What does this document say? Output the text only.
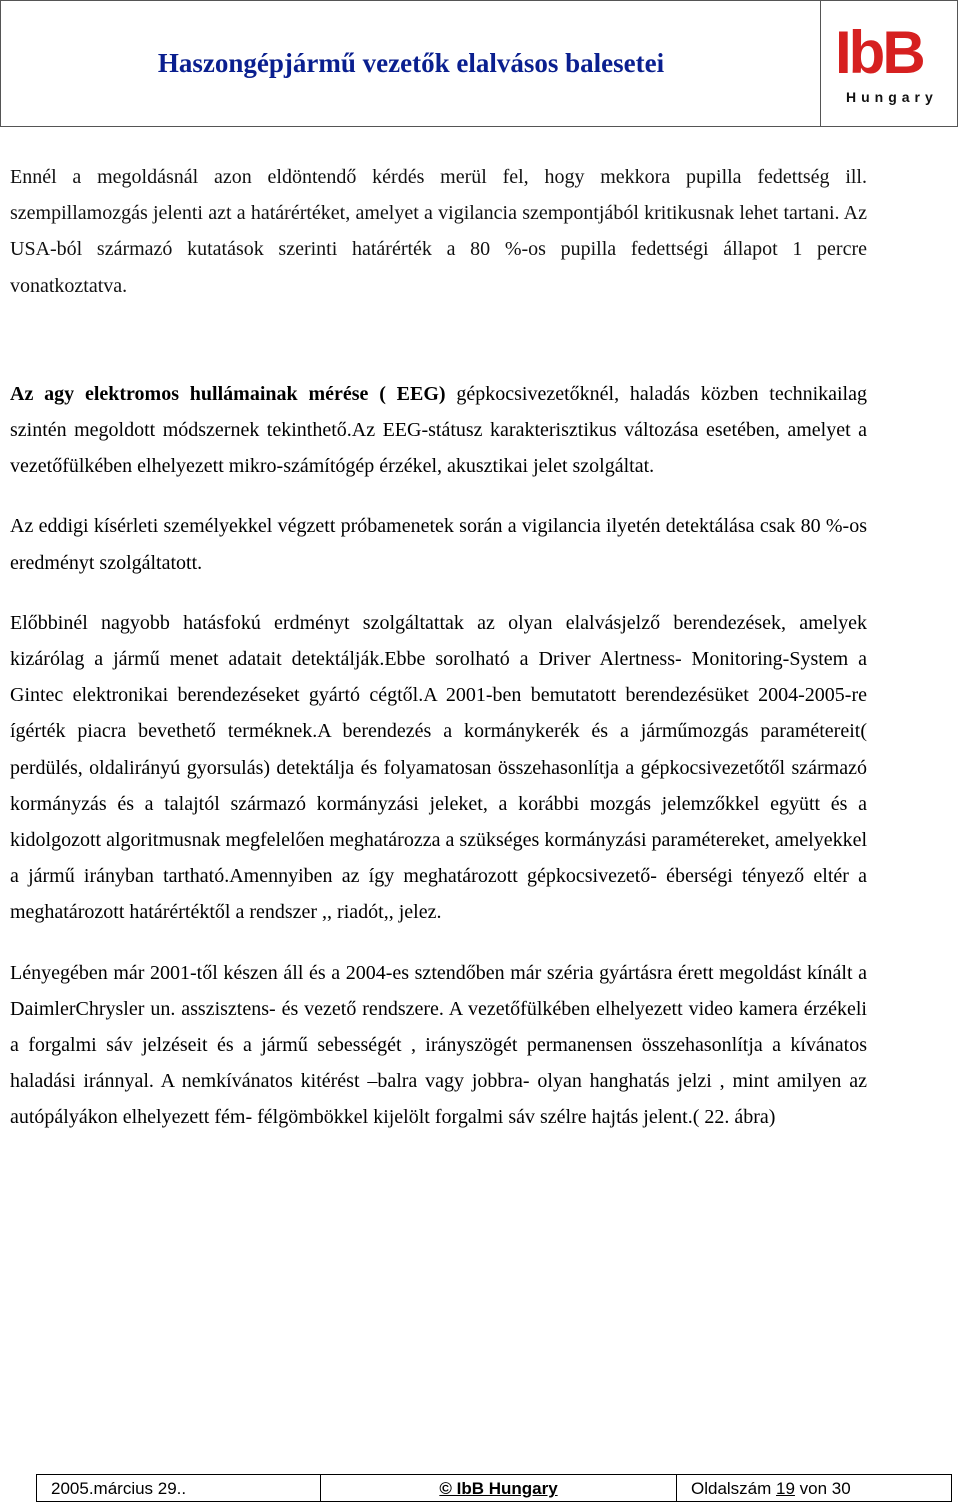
Haszongépjármű vezetők elalvásos balesetei	IbB
Hungary

Ennél a megoldásnál azon eldöntendő kérdés merül fel, hogy mekkora pupilla fedettség ill. szempillamozgás jelenti azt a határértéket, amelyet a vigilancia szempontjából kritikusnak lehet tartani. Az USA-ból származó kutatások szerinti határérték a 80 %-os pupilla fedettségi állapot 1 percre vonatkoztatva.

Az agy elektromos hullámainak mérése ( EEG) gépkocsivezetőknél, haladás közben technikailag szintén megoldott módszernek tekinthető.Az EEG-státusz karakterisztikus változása esetében, amelyet a vezetőfülkében elhelyezett mikro-számítógép érzékel, akusztikai jelet szolgáltat.

Az eddigi kísérleti személyekkel végzett próbamenetek során a vigilancia ilyetén detektálása csak 80 %-os eredményt szolgáltatott.

Előbbinél nagyobb hatásfokú erdményt szolgáltattak az olyan elalvásjelző berendezések, amelyek kizárólag a jármű menet adatait detektálják.Ebbe sorolható a Driver Alertness- Monitoring-System a Gintec elektronikai berendezéseket gyártó cégtől.A 2001-ben bemutatott berendezésüket 2004-2005-re ígérték piacra bevethető terméknek.A berendezés a kormánykerék és a járműmozgás paramétereit( perdülés, oldalirányú gyorsulás) detektálja és folyamatosan összehasonlítja a gépkocsivezetőtől származó kormányzás és a talajtól származó kormányzási jeleket, a korábbi mozgás jelemzőkkel együtt és a kidolgozott algoritmusnak megfelelően meghatározza a szükséges kormányzási paramétereket, amelyekkel a jármű irányban tartható.Amennyiben az így meghatározott gépkocsivezető- éberségi tényező eltér a meghatározott határértéktől a rendszer ,, riadót,, jelez.

Lényegében már 2001-től készen áll és a 2004-es sztendőben már széria gyártásra érett megoldást kínált a DaimlerChrysler un. asszisztens- és vezető rendszere. A vezetőfülkében elhelyezett video kamera érzékeli a forgalmi sáv jelzéseit és a jármű sebességét , irányszögét permanensen összehasonlítja a kívánatos haladási iránnyal. A nemkívánatos kitérést –balra vagy jobbra- olyan hanghatás jelzi , mint amilyen az autópályákon elhelyezett fém- félgömbökkel kijelölt forgalmi sáv szélre hajtás jelent.( 22. ábra)

2005.március 29..	© IbB Hungary	Oldalszám 19 von 30
